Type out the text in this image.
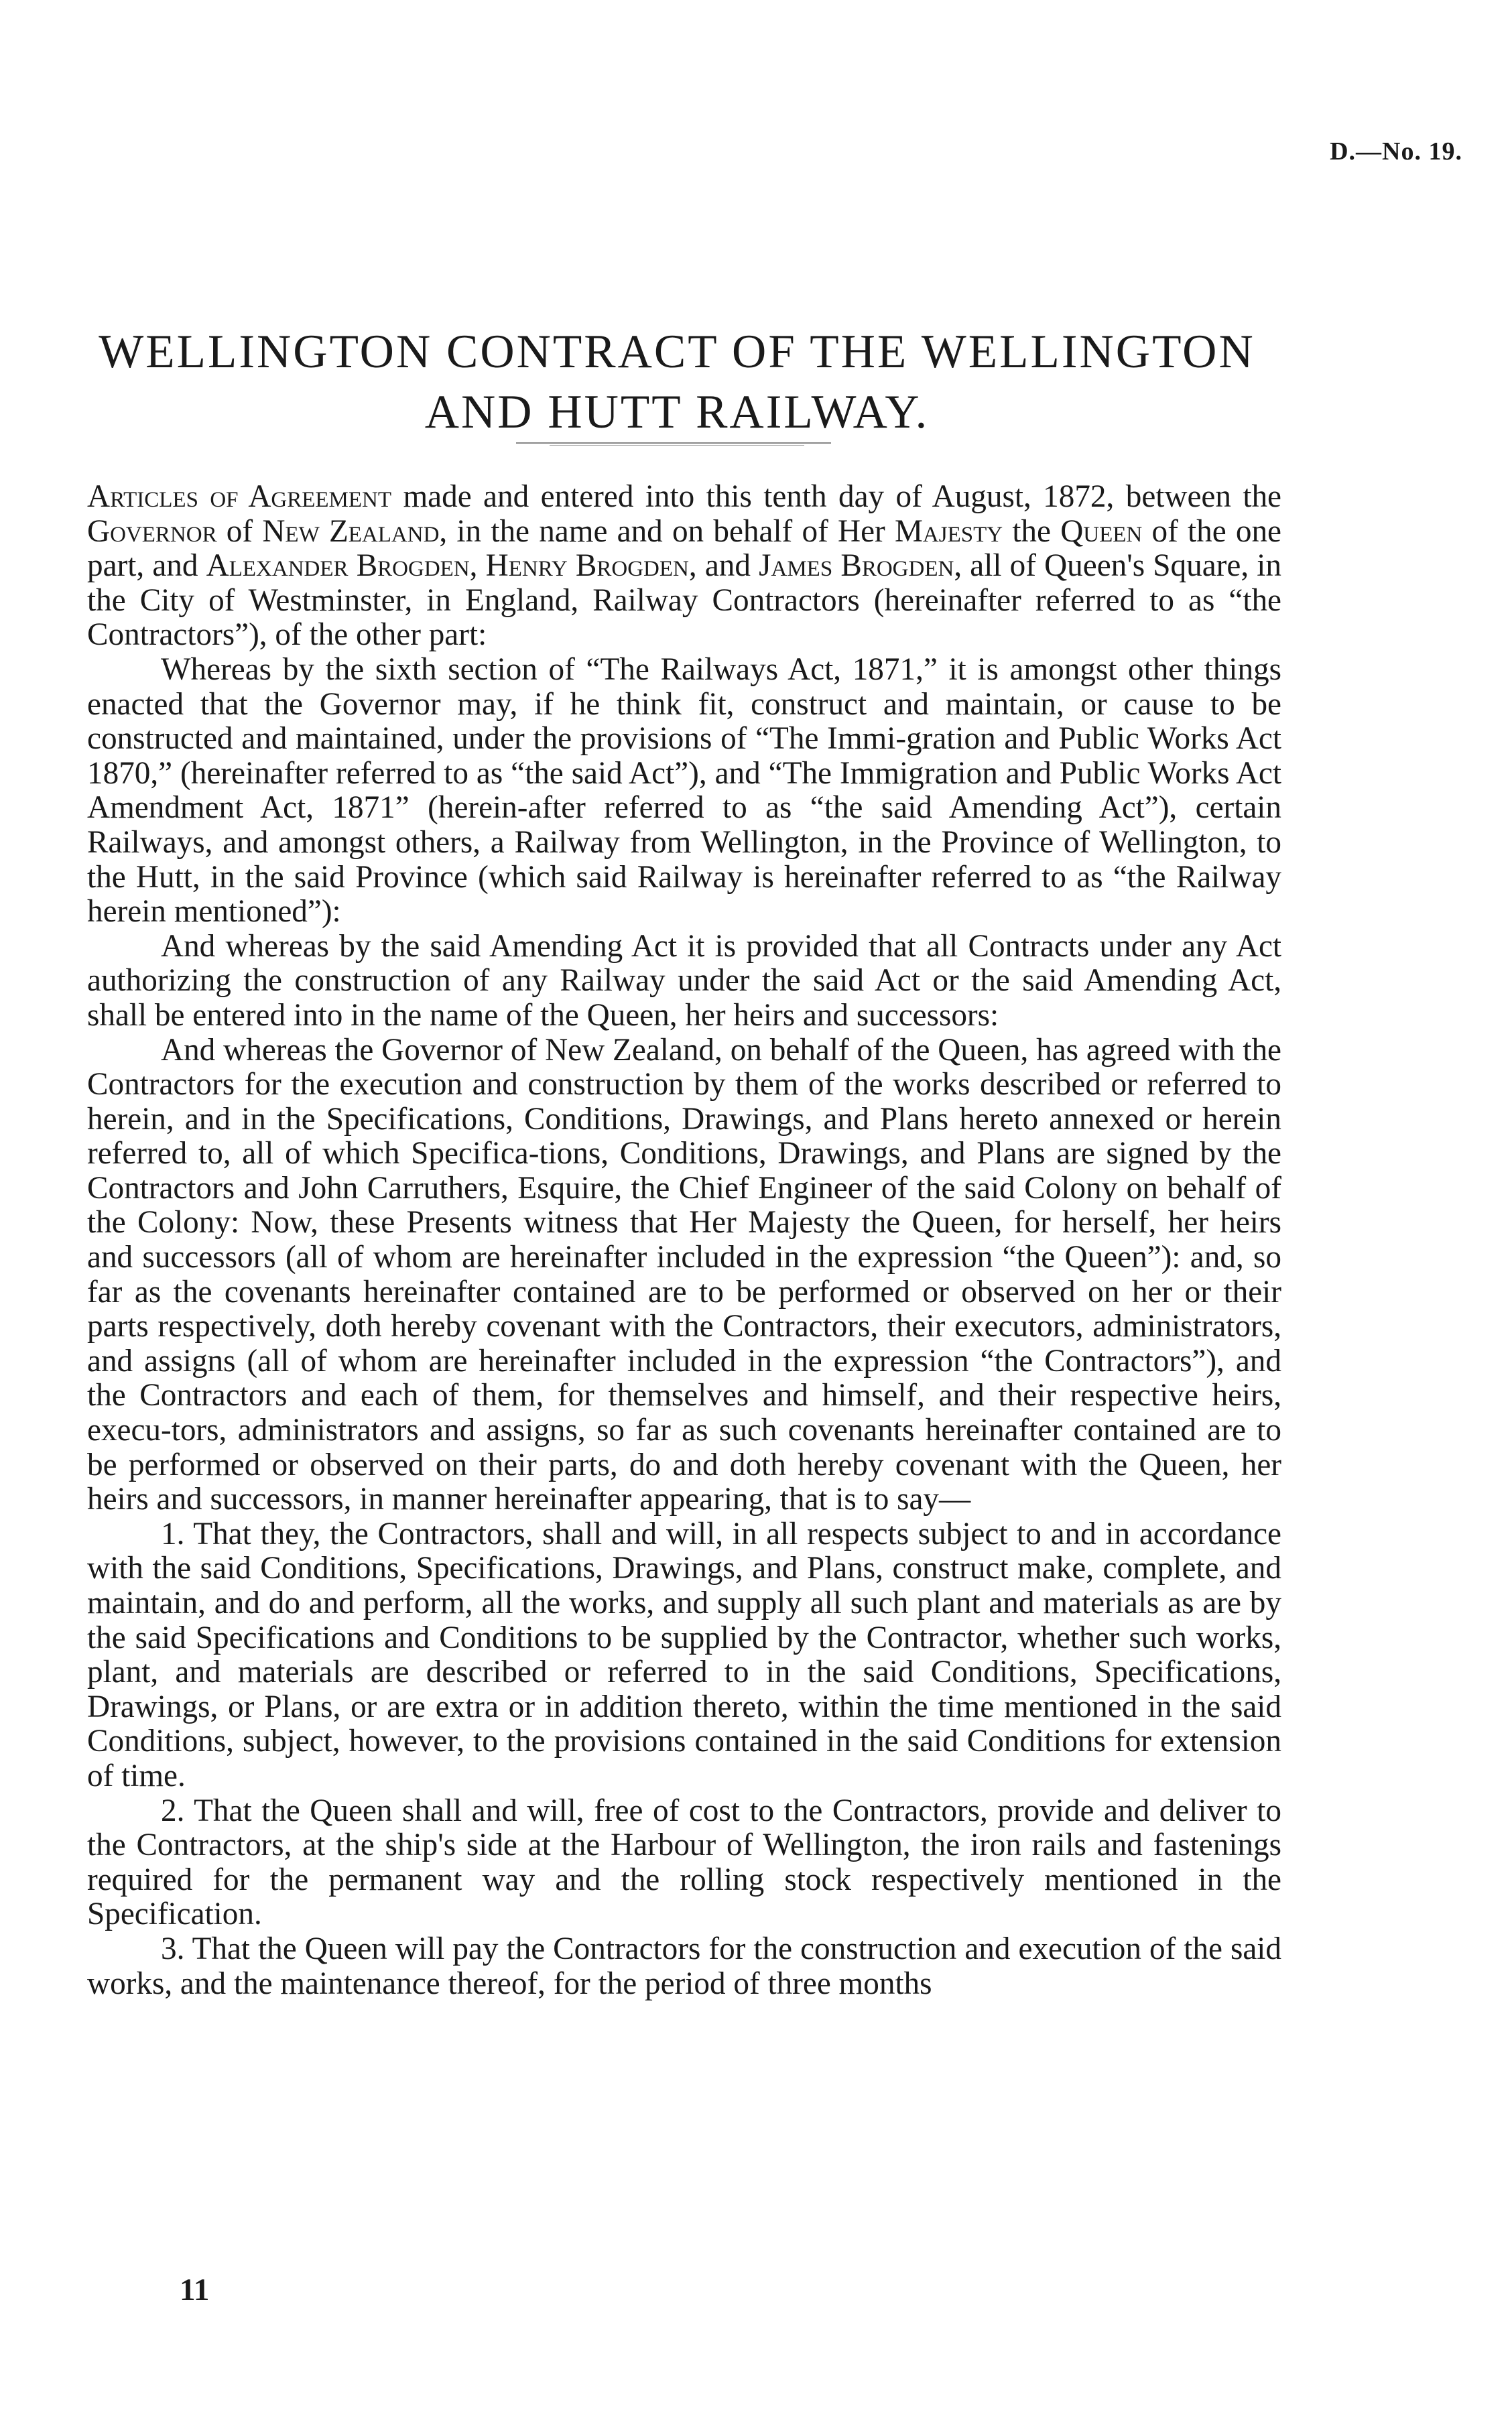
D.—No. 19.
WELLINGTON CONTRACT OF THE WELLINGTON
AND HUTT RAILWAY.

Articles of Agreement made and entered into this tenth day of August, 1872, between the Governor of New Zealand, in the name and on behalf of Her Majesty the Queen of the one part, and Alexander Brogden, Henry Brogden, and James Brogden, all of Queen's Square, in the City of Westminster, in England, Railway Contractors (hereinafter referred to as “the Contractors”), of the other part:

Whereas by the sixth section of “The Railways Act, 1871,” it is amongst other things enacted that the Governor may, if he think fit, construct and maintain, or cause to be constructed and maintained, under the provisions of “The Immi-gration and Public Works Act 1870,” (hereinafter referred to as “the said Act”), and “The Immigration and Public Works Act Amendment Act, 1871” (herein-after referred to as “the said Amending Act”), certain Railways, and amongst others, a Railway from Wellington, in the Province of Wellington, to the Hutt, in the said Province (which said Railway is hereinafter referred to as “the Railway herein mentioned”):

And whereas by the said Amending Act it is provided that all Contracts under any Act authorizing the construction of any Railway under the said Act or the said Amending Act, shall be entered into in the name of the Queen, her heirs and successors:

And whereas the Governor of New Zealand, on behalf of the Queen, has agreed with the Contractors for the execution and construction by them of the works described or referred to herein, and in the Specifications, Conditions, Drawings, and Plans hereto annexed or herein referred to, all of which Specifica-tions, Conditions, Drawings, and Plans are signed by the Contractors and John Carruthers, Esquire, the Chief Engineer of the said Colony on behalf of the Colony: Now, these Presents witness that Her Majesty the Queen, for herself, her heirs and successors (all of whom are hereinafter included in the expression “the Queen”): and, so far as the covenants hereinafter contained are to be performed or observed on her or their parts respectively, doth hereby covenant with the Contractors, their executors, administrators, and assigns (all of whom are hereinafter included in the expression “the Contractors”), and the Contractors and each of them, for themselves and himself, and their respective heirs, execu-tors, administrators and assigns, so far as such covenants hereinafter contained are to be performed or observed on their parts, do and doth hereby covenant with the Queen, her heirs and successors, in manner hereinafter appearing, that is to say—

1. That they, the Contractors, shall and will, in all respects subject to and in accordance with the said Conditions, Specifications, Drawings, and Plans, construct make, complete, and maintain, and do and perform, all the works, and supply all such plant and materials as are by the said Specifications and Conditions to be supplied by the Contractor, whether such works, plant, and materials are described or referred to in the said Conditions, Specifications, Drawings, or Plans, or are extra or in addition thereto, within the time mentioned in the said Conditions, subject, however, to the provisions contained in the said Conditions for extension of time.

2. That the Queen shall and will, free of cost to the Contractors, provide and deliver to the Contractors, at the ship's side at the Harbour of Wellington, the iron rails and fastenings required for the permanent way and the rolling stock respectively mentioned in the Specification.

3. That the Queen will pay the Contractors for the construction and execution of the said works, and the maintenance thereof, for the period of three months

11
